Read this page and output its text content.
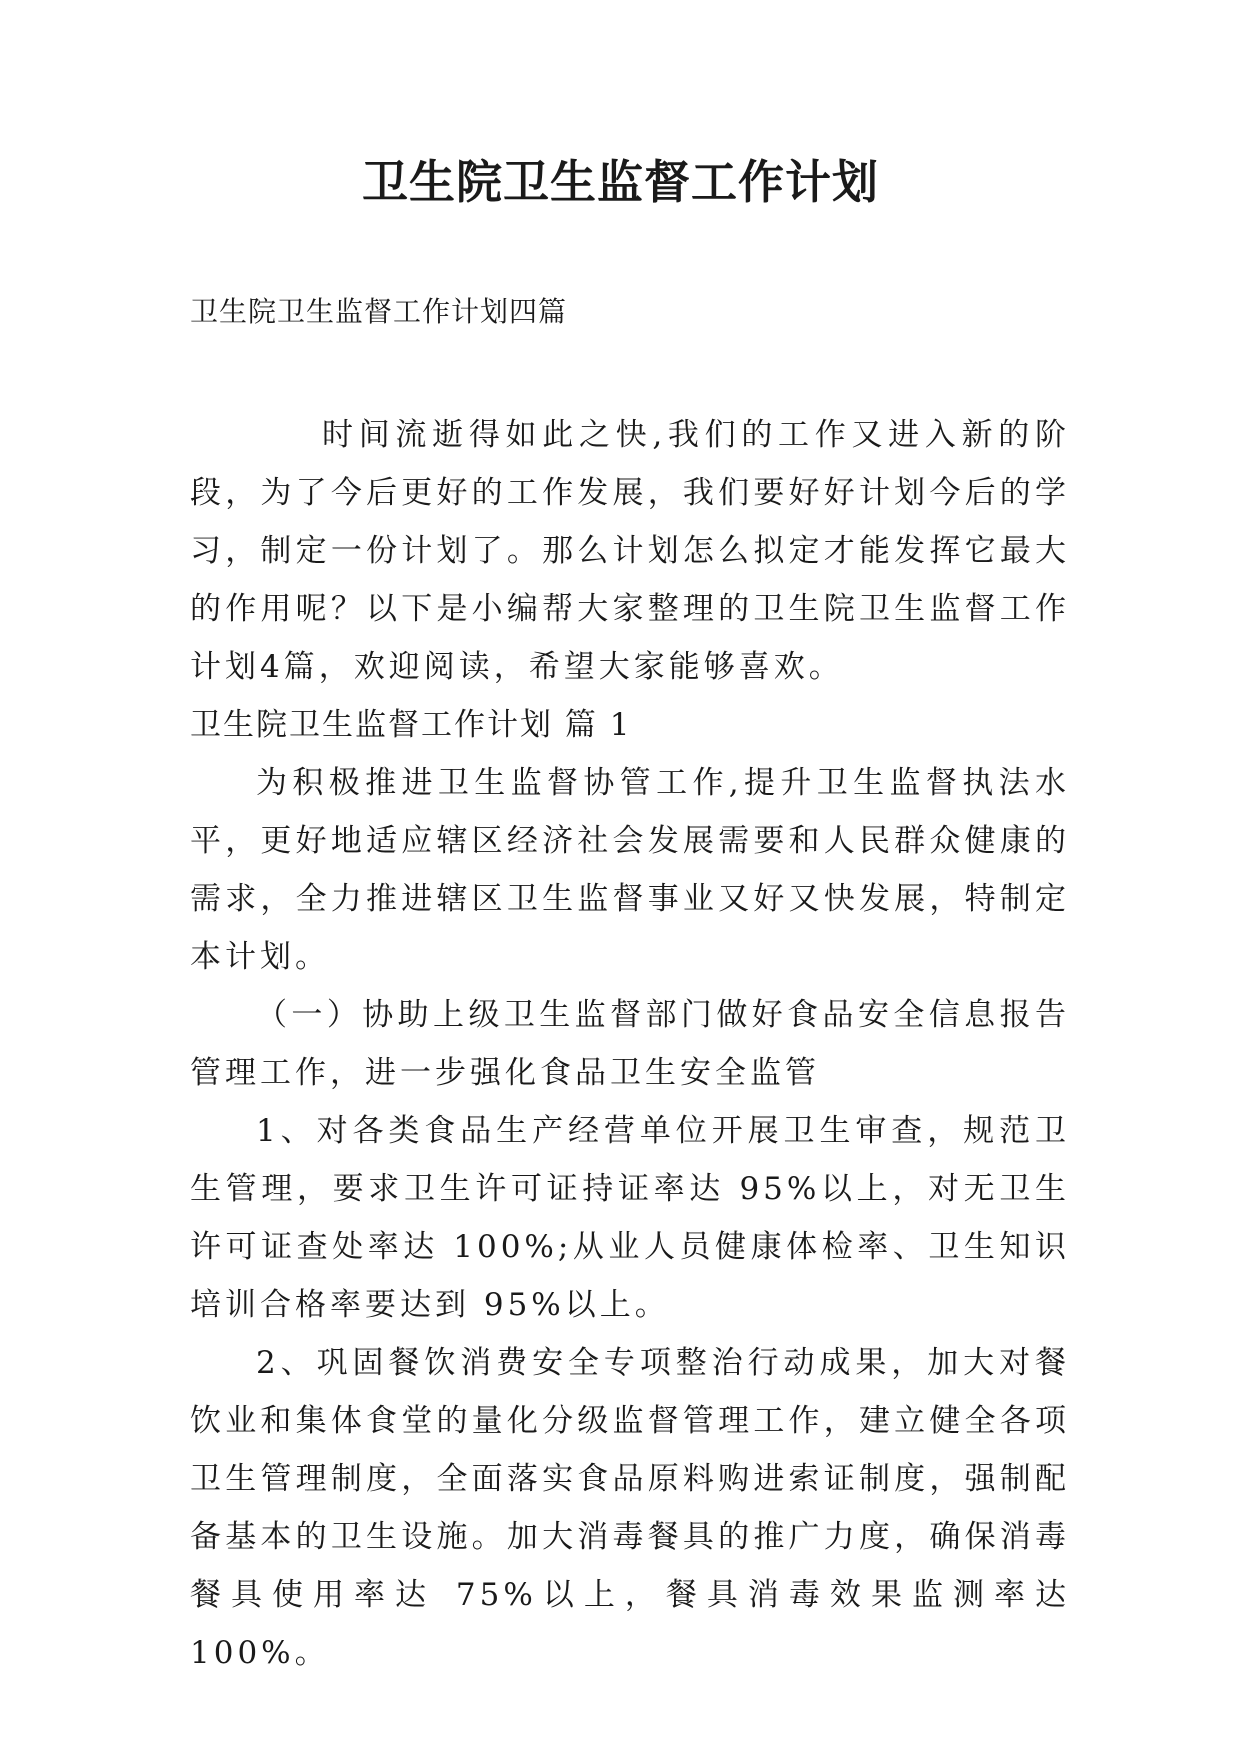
卫生院卫生监督工作计划
卫生院卫生监督工作计划四篇

时间流逝得如此之快,我们的工作又进入新的阶段，为了今后更好的工作发展，我们要好好计划今后的学习，制定一份计划了。那么计划怎么拟定才能发挥它最大的作用呢？以下是小编帮大家整理的卫生院卫生监督工作计划4篇，欢迎阅读，希望大家能够喜欢。

卫生院卫生监督工作计划 篇 1

为积极推进卫生监督协管工作,提升卫生监督执法水平，更好地适应辖区经济社会发展需要和人民群众健康的需求，全力推进辖区卫生监督事业又好又快发展，特制定本计划。

（一）协助上级卫生监督部门做好食品安全信息报告管理工作，进一步强化食品卫生安全监管

1、对各类食品生产经营单位开展卫生审查，规范卫生管理，要求卫生许可证持证率达 95%以上，对无卫生许可证查处率达 100%;从业人员健康体检率、卫生知识培训合格率要达到 95%以上。

2、巩固餐饮消费安全专项整治行动成果，加大对餐饮业和集体食堂的量化分级监督管理工作，建立健全各项卫生管理制度，全面落实食品原料购进索证制度，强制配备基本的卫生设施。加大消毒餐具的推广力度，确保消毒餐具使用率达 75%以上，餐具消毒效果监测率达 100%。
